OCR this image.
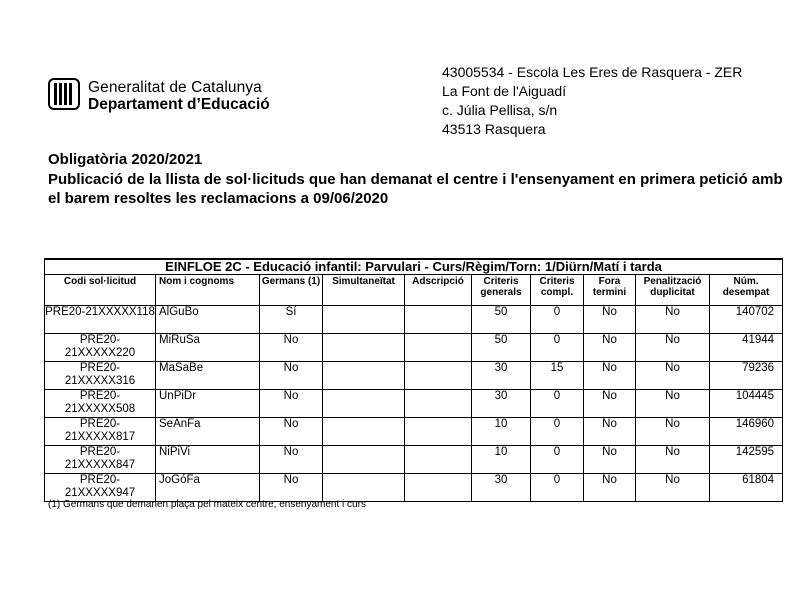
Generalitat de Catalunya
Departament d’Educació
43005534 - Escola Les Eres de Rasquera - ZER
La Font de l'Aiguadí
c. Júlia Pellisa, s/n
43513 Rasquera
Obligatòria 2020/2021
Publicació de la llista de sol·licituds que han demanat el centre i l'ensenyament en primera petició amb el barem resoltes les reclamacions a 09/06/2020
EINFLOE 2C - Educació infantil: Parvulari - Curs/Règim/Torn: 1/Diürn/Matí i tarda									
Codi sol·licitud	Nom i cognoms	Germans (1)	Simultaneïtat	Adscripció	Criteris generals	Criteris compl.	Fora termini	Penalització duplicitat	Núm. desempat
PRE20-21XXXXX118	AlGuBo	Sí			50	0	No	No	140702
PRE20-21XXXXX220	MiRuSa	No			50	0	No	No	41944
PRE20-21XXXXX316	MaSaBe	No			30	15	No	No	79236
PRE20-21XXXXX508	UnPiDr	No			30	0	No	No	104445
PRE20-21XXXXX817	SeAnFa	No			10	0	No	No	146960
PRE20-21XXXXX847	NiPiVi	No			10	0	No	No	142595
PRE20-21XXXXX947	JoGóFa	No			30	0	No	No	61804
(1) Germans que demanen plaça pel mateix centre, ensenyament i curs
